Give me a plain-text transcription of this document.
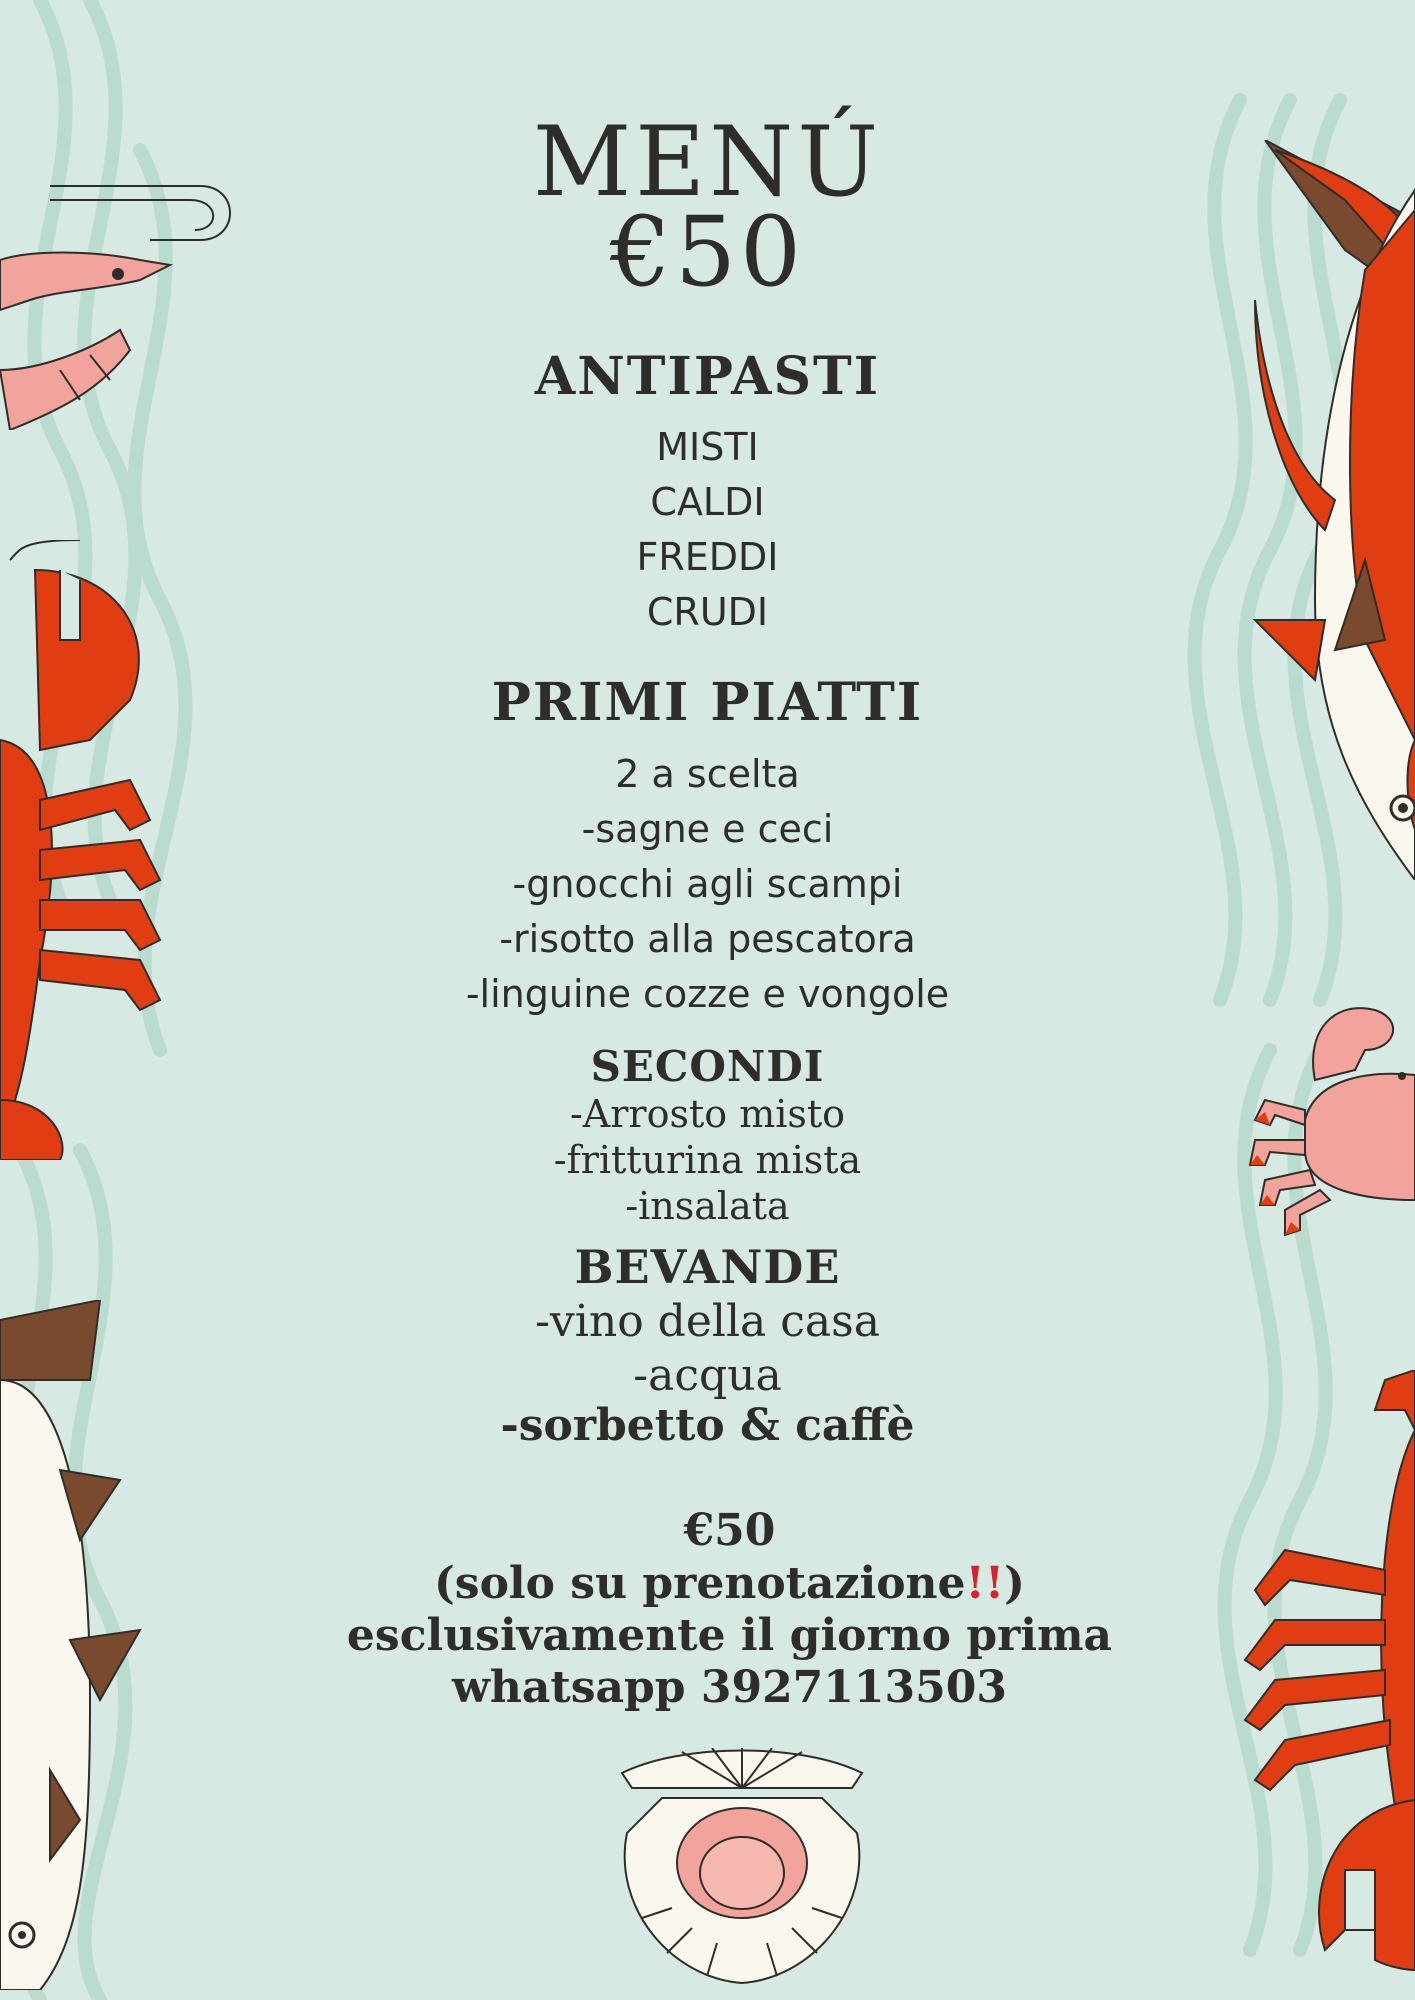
MENÚ
€50
ANTIPASTI
MISTI
CALDI
FREDDI
CRUDI
PRIMI PIATTI
2 a scelta
-sagne e ceci
-gnocchi agli scampi
-risotto alla pescatora
-linguine cozze e vongole
SECONDI
-Arrosto misto
-fritturina mista
-insalata
BEVANDE
-vino della casa
-acqua
-sorbetto & caffè
€50
(solo su prenotazione!!)
esclusivamente il giorno prima
whatsapp 3927113503
